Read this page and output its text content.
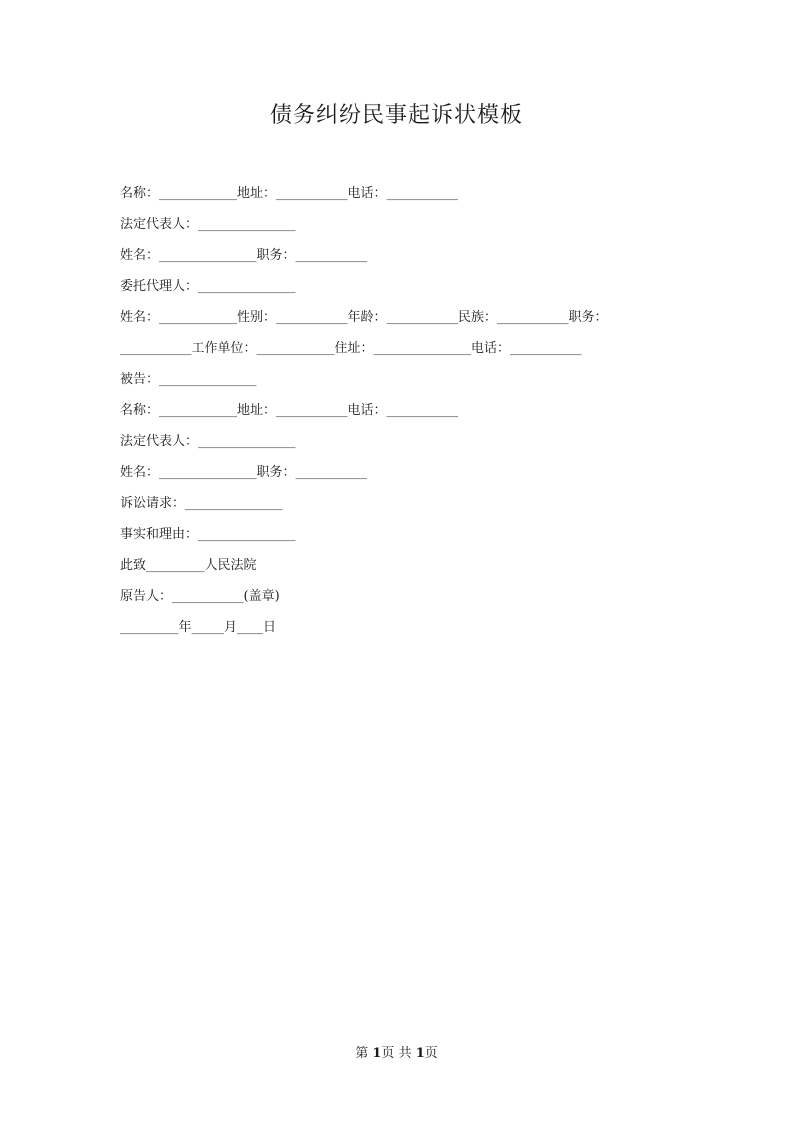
债务纠纷民事起诉状模板
名称：____________地址：___________电话：___________
法定代表人：_______________
姓名：_______________职务：___________
委托代理人：_______________
姓名：____________性别：___________年龄：___________民族：___________职务：
___________工作单位：____________住址：_______________电话：___________
被告：_______________
名称：____________地址：___________电话：___________
法定代表人：_______________
姓名：_______________职务：___________
诉讼请求：_______________
事实和理由：_______________
此致_________人民法院
原告人：___________(盖章)
_________年_____月____日
第 1页 共 1页
